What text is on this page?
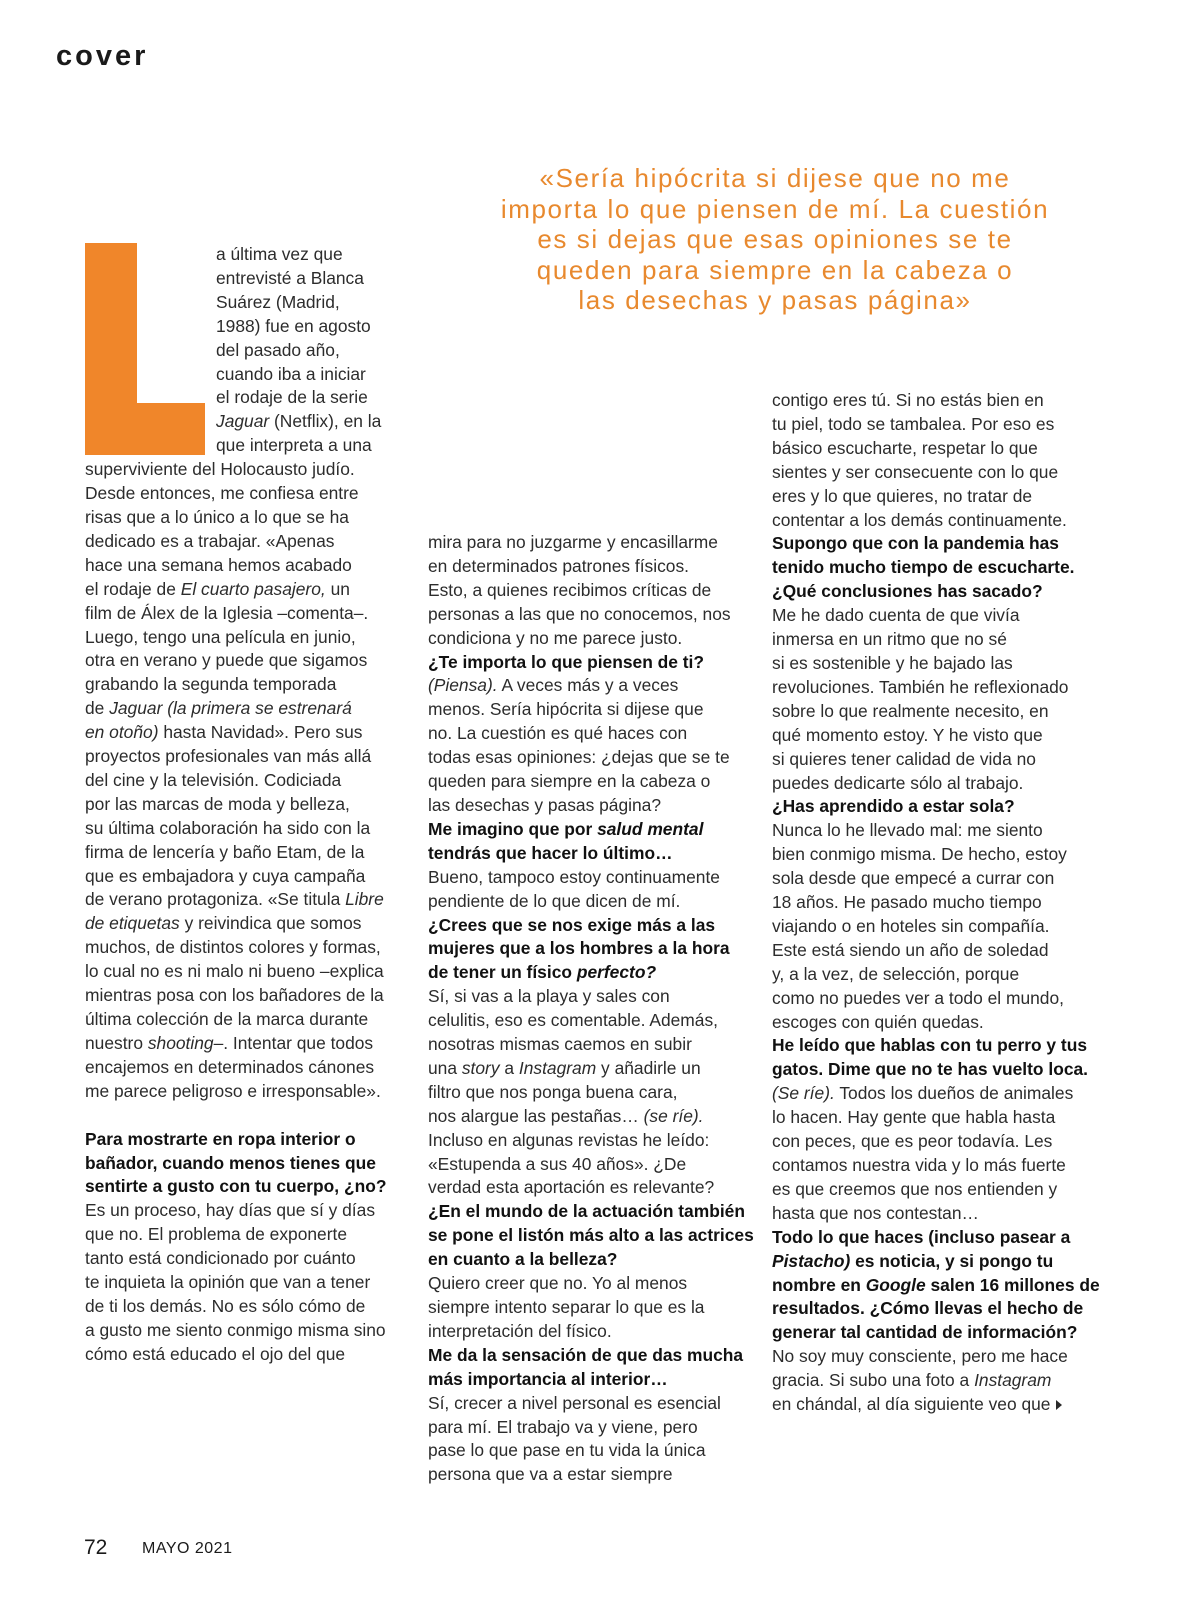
cover
«Sería hipócrita si dijese que no me
importa lo que piensen de mí. La cuestión
es si dejas que esas opiniones se te
queden para siempre en la cabeza o
las desechas y pasas página»
a última vez que
entrevisté a Blanca
Suárez (Madrid,
1988) fue en agosto
del pasado año,
cuando iba a iniciar
el rodaje de la serie
Jaguar (Netflix), en la
que interpreta a una
superviviente del Holocausto judío.
Desde entonces, me confiesa entre
risas que a lo único a lo que se ha
dedicado es a trabajar. «Apenas
hace una semana hemos acabado
el rodaje de El cuarto pasajero, un
film de Álex de la Iglesia –comenta–.
Luego, tengo una película en junio,
otra en verano y puede que sigamos
grabando la segunda temporada
de Jaguar (la primera se estrenará
en otoño) hasta Navidad». Pero sus
proyectos profesionales van más allá
del cine y la televisión. Codiciada
por las marcas de moda y belleza,
su última colaboración ha sido con la
firma de lencería y baño Etam, de la
que es embajadora y cuya campaña
de verano protagoniza. «Se titula Libre
de etiquetas y reivindica que somos
muchos, de distintos colores y formas,
lo cual no es ni malo ni bueno –explica
mientras posa con los bañadores de la
última colección de la marca durante
nuestro shooting–. Intentar que todos
encajemos en determinados cánones
me parece peligroso e irresponsable».
Para mostrarte en ropa interior o
bañador, cuando menos tienes que
sentirte a gusto con tu cuerpo, ¿no?
Es un proceso, hay días que sí y días
que no. El problema de exponerte
tanto está condicionado por cuánto
te inquieta la opinión que van a tener
de ti los demás. No es sólo cómo de
a gusto me siento conmigo misma sino
cómo está educado el ojo del que
mira para no juzgarme y encasillarme
en determinados patrones físicos.
Esto, a quienes recibimos críticas de
personas a las que no conocemos, nos
condiciona y no me parece justo.
¿Te importa lo que piensen de ti?
(Piensa). A veces más y a veces
menos. Sería hipócrita si dijese que
no. La cuestión es qué haces con
todas esas opiniones: ¿dejas que se te
queden para siempre en la cabeza o
las desechas y pasas página?
Me imagino que por salud mental
tendrás que hacer lo último…
Bueno, tampoco estoy continuamente
pendiente de lo que dicen de mí.
¿Crees que se nos exige más a las
mujeres que a los hombres a la hora
de tener un físico perfecto?
Sí, si vas a la playa y sales con
celulitis, eso es comentable. Además,
nosotras mismas caemos en subir
una story a Instagram y añadirle un
filtro que nos ponga buena cara,
nos alargue las pestañas… (se ríe).
Incluso en algunas revistas he leído:
«Estupenda a sus 40 años». ¿De
verdad esta aportación es relevante?
¿En el mundo de la actuación también
se pone el listón más alto a las actrices
en cuanto a la belleza?
Quiero creer que no. Yo al menos
siempre intento separar lo que es la
interpretación del físico.
Me da la sensación de que das mucha
más importancia al interior…
Sí, crecer a nivel personal es esencial
para mí. El trabajo va y viene, pero
pase lo que pase en tu vida la única
persona que va a estar siempre
contigo eres tú. Si no estás bien en
tu piel, todo se tambalea. Por eso es
básico escucharte, respetar lo que
sientes y ser consecuente con lo que
eres y lo que quieres, no tratar de
contentar a los demás continuamente.
Supongo que con la pandemia has
tenido mucho tiempo de escucharte.
¿Qué conclusiones has sacado?
Me he dado cuenta de que vivía
inmersa en un ritmo que no sé
si es sostenible y he bajado las
revoluciones. También he reflexionado
sobre lo que realmente necesito, en
qué momento estoy. Y he visto que
si quieres tener calidad de vida no
puedes dedicarte sólo al trabajo.
¿Has aprendido a estar sola?
Nunca lo he llevado mal: me siento
bien conmigo misma. De hecho, estoy
sola desde que empecé a currar con
18 años. He pasado mucho tiempo
viajando o en hoteles sin compañía.
Este está siendo un año de soledad
y, a la vez, de selección, porque
como no puedes ver a todo el mundo,
escoges con quién quedas.
He leído que hablas con tu perro y tus
gatos. Dime que no te has vuelto loca.
(Se ríe). Todos los dueños de animales
lo hacen. Hay gente que habla hasta
con peces, que es peor todavía. Les
contamos nuestra vida y lo más fuerte
es que creemos que nos entienden y
hasta que nos contestan…
Todo lo que haces (incluso pasear a
Pistacho) es noticia, y si pongo tu
nombre en Google salen 16 millones de
resultados. ¿Cómo llevas el hecho de
generar tal cantidad de información?
No soy muy consciente, pero me hace
gracia. Si subo una foto a Instagram
en chándal, al día siguiente veo que
72 MAYO 2021
